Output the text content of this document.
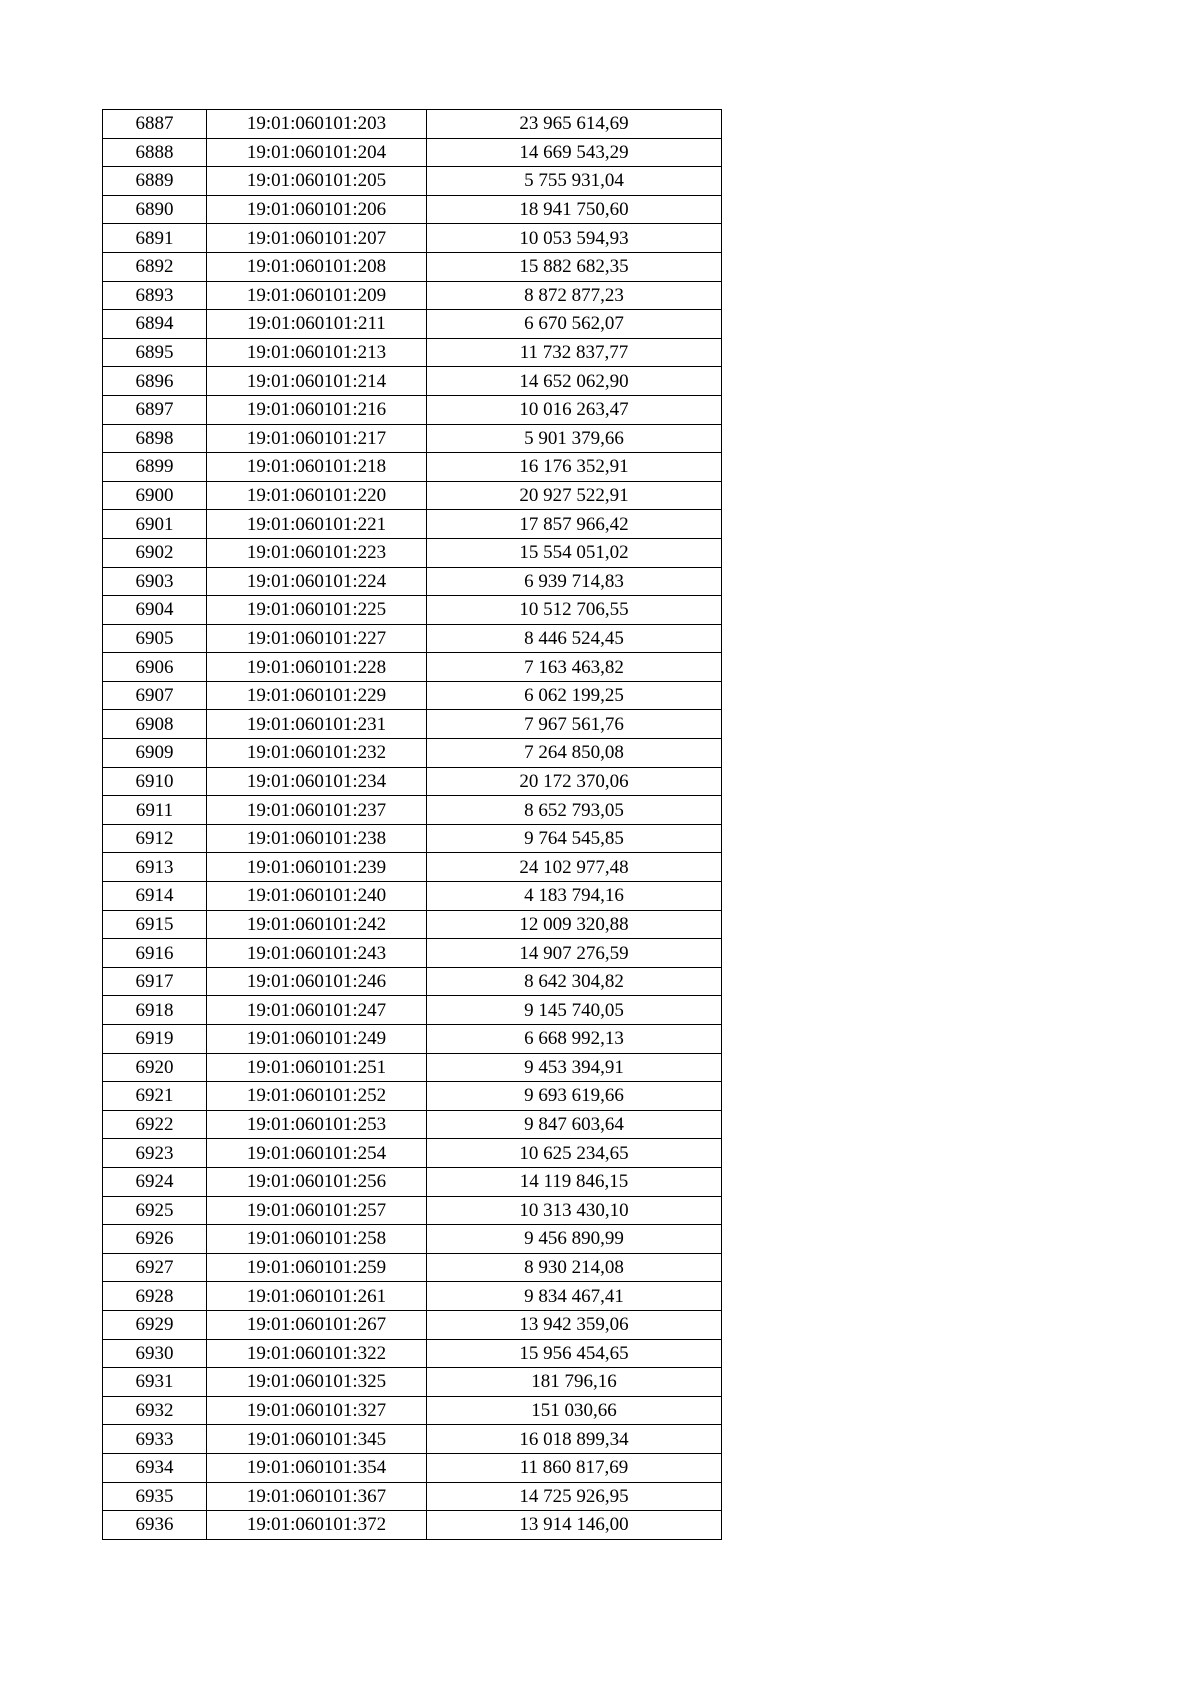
6887	19:01:060101:203	23 965 614,69
6888	19:01:060101:204	14 669 543,29
6889	19:01:060101:205	5 755 931,04
6890	19:01:060101:206	18 941 750,60
6891	19:01:060101:207	10 053 594,93
6892	19:01:060101:208	15 882 682,35
6893	19:01:060101:209	8 872 877,23
6894	19:01:060101:211	6 670 562,07
6895	19:01:060101:213	11 732 837,77
6896	19:01:060101:214	14 652 062,90
6897	19:01:060101:216	10 016 263,47
6898	19:01:060101:217	5 901 379,66
6899	19:01:060101:218	16 176 352,91
6900	19:01:060101:220	20 927 522,91
6901	19:01:060101:221	17 857 966,42
6902	19:01:060101:223	15 554 051,02
6903	19:01:060101:224	6 939 714,83
6904	19:01:060101:225	10 512 706,55
6905	19:01:060101:227	8 446 524,45
6906	19:01:060101:228	7 163 463,82
6907	19:01:060101:229	6 062 199,25
6908	19:01:060101:231	7 967 561,76
6909	19:01:060101:232	7 264 850,08
6910	19:01:060101:234	20 172 370,06
6911	19:01:060101:237	8 652 793,05
6912	19:01:060101:238	9 764 545,85
6913	19:01:060101:239	24 102 977,48
6914	19:01:060101:240	4 183 794,16
6915	19:01:060101:242	12 009 320,88
6916	19:01:060101:243	14 907 276,59
6917	19:01:060101:246	8 642 304,82
6918	19:01:060101:247	9 145 740,05
6919	19:01:060101:249	6 668 992,13
6920	19:01:060101:251	9 453 394,91
6921	19:01:060101:252	9 693 619,66
6922	19:01:060101:253	9 847 603,64
6923	19:01:060101:254	10 625 234,65
6924	19:01:060101:256	14 119 846,15
6925	19:01:060101:257	10 313 430,10
6926	19:01:060101:258	9 456 890,99
6927	19:01:060101:259	8 930 214,08
6928	19:01:060101:261	9 834 467,41
6929	19:01:060101:267	13 942 359,06
6930	19:01:060101:322	15 956 454,65
6931	19:01:060101:325	181 796,16
6932	19:01:060101:327	151 030,66
6933	19:01:060101:345	16 018 899,34
6934	19:01:060101:354	11 860 817,69
6935	19:01:060101:367	14 725 926,95
6936	19:01:060101:372	13 914 146,00
